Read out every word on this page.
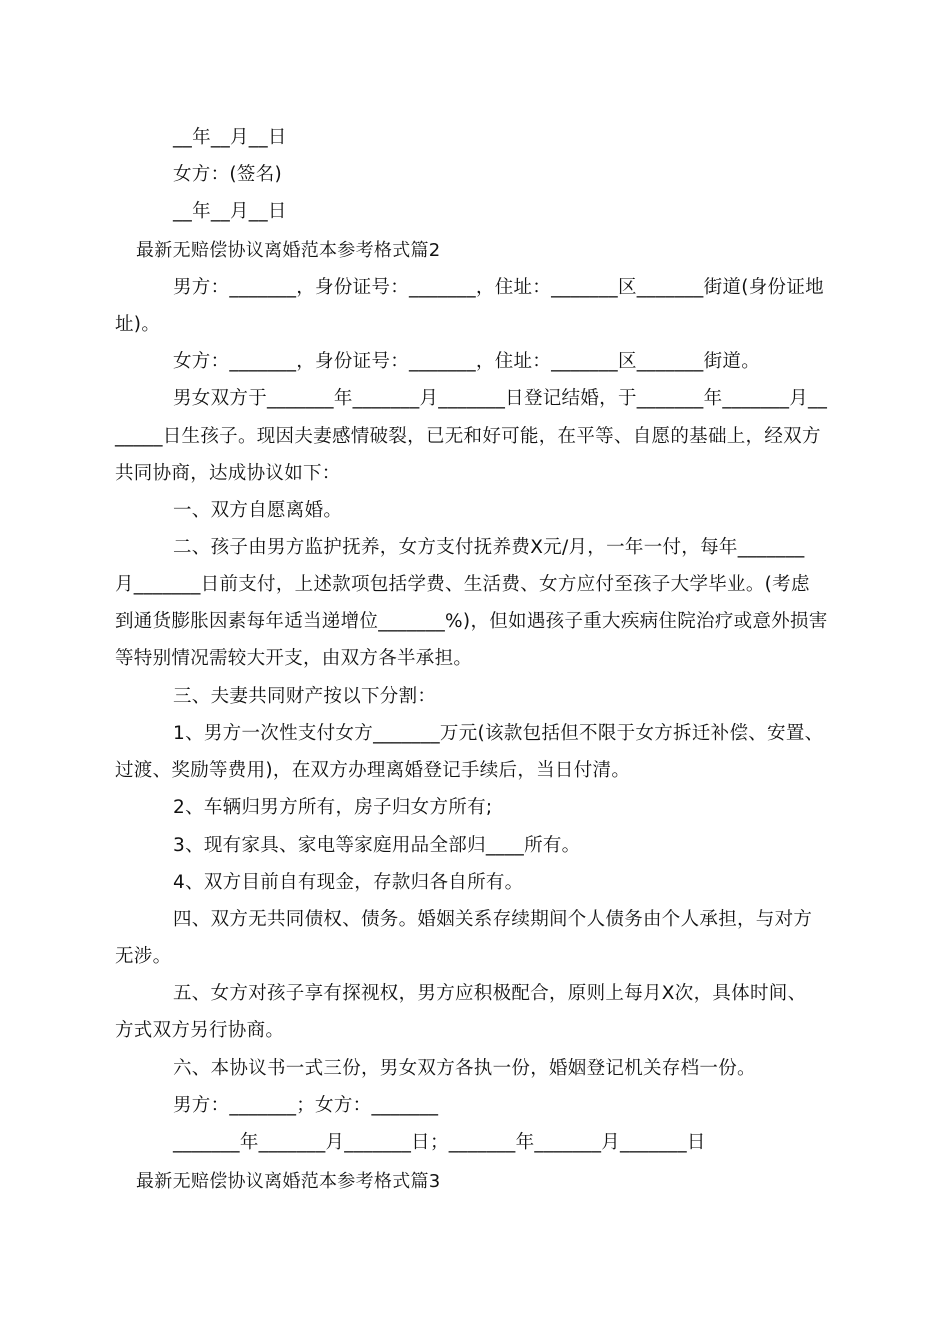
__年__月__日
女方：(签名)
__年__月__日
最新无赔偿协议离婚范本参考格式篇2
男方：_______，身份证号：_______，住址：_______区_______街道(身份证地
址)。
女方：_______，身份证号：_______，住址：_______区_______街道。
男女双方于_______年_______月_______日登记结婚，于_______年_______月__
_____日生孩子。现因夫妻感情破裂，已无和好可能，在平等、自愿的基础上，经双方
共同协商，达成协议如下：
一、双方自愿离婚。
二、孩子由男方监护抚养，女方支付抚养费X元/月，一年一付，每年_______
月_______日前支付，上述款项包括学费、生活费、女方应付至孩子大学毕业。(考虑
到通货膨胀因素每年适当递增位_______%)，但如遇孩子重大疾病住院治疗或意外损害
等特别情况需较大开支，由双方各半承担。
三、夫妻共同财产按以下分割：
1、男方一次性支付女方_______万元(该款包括但不限于女方拆迁补偿、安置、
过渡、奖励等费用)，在双方办理离婚登记手续后，当日付清。
2、车辆归男方所有，房子归女方所有;
3、现有家具、家电等家庭用品全部归____所有。
4、双方目前自有现金，存款归各自所有。
四、双方无共同债权、债务。婚姻关系存续期间个人债务由个人承担，与对方
无涉。
五、女方对孩子享有探视权，男方应积极配合，原则上每月X次，具体时间、
方式双方另行协商。
六、本协议书一式三份，男女双方各执一份，婚姻登记机关存档一份。
男方：_______；女方：_______
_______年_______月_______日；_______年_______月_______日
最新无赔偿协议离婚范本参考格式篇3
